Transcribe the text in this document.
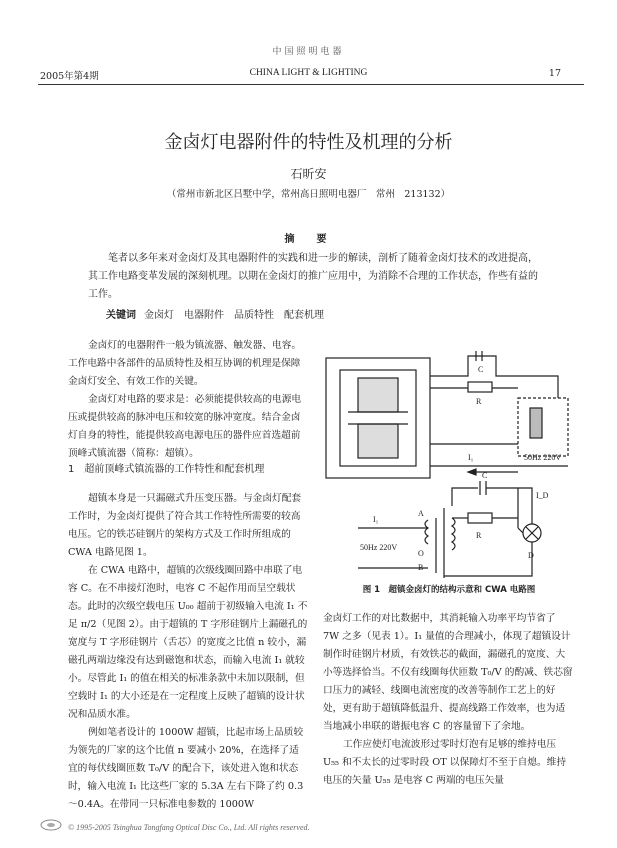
中国照明电器
2005年第4期	CHINA LIGHT & LIGHTING	17
金卤灯电器附件的特性及机理的分析
石昕安
（常州市新北区吕墅中学，常州高日照明电器厂　常州　213132）
摘　要
笔者以多年来对金卤灯及其电器附件的实践和进一步的解读，剖析了随着金卤灯技术的改进提高，其工作电路变革发展的深刻机理。以期在金卤灯的推广应用中，为消除不合理的工作状态，作些有益的工作。
关键词 金卤灯　电器附件　品质特性　配套机理

金卤灯的电器附件一般为镇流器、触发器、电容。工作电路中各部件的品质特性及相互协调的机理是保障金卤灯安全、有效工作的关键。

金卤灯对电路的要求是：必须能提供较高的电源电压或提供较高的脉冲电压和较宽的脉冲宽度。结合金卤灯自身的特性，能提供较高电源电压的器件应首选超前顶峰式镇流器（简称：超镇）。

1　超前顶峰式镇流器的工作特性和配套机理

超镇本身是一只漏磁式升压变压器。与金卤灯配套工作时，为金卤灯提供了符合其工作特性所需要的较高电压。它的铁芯硅钢片的架构方式及工作时所组成的 CWA 电路见图 1。

在 CWA 电路中，超镇的次级线圈回路中串联了电容 C。在不串接灯泡时，电容 C 不起作用而呈空载状态。此时的次级空载电压 U₀₀ 超前于初级输入电流 I₁ 不足 π/2（见图 2）。由于超镇的 T 字形硅钢片上漏磁孔的宽度与 T 字形硅钢片（舌芯）的宽度之比值 n 较小，漏磁孔两端边缘没有达到磁饱和状态，而输入电流 I₁ 就较小。尽管此 I₁ 的值在相关的标准条款中未加以限制，但空载时 I₁ 的大小还是在一定程度上反映了超镇的设计状况和品质水准。

例如笔者设计的 1000W 超镇，比起市场上品质较为领先的厂家的这个比值 n 要减小 20%，在选择了适宜的每伏线圈匝数 T₀/V 的配合下，该处进入饱和状态时，输入电流 I₁ 比这些厂家的 5.3A 左右下降了约 0.3～0.4A。在带同一只标准电参数的 1000W

C
R
50Hz 220V
I₁
C
R
I₁
I_D
D
A
O
B
50Hz 220V
图 1　超镇金卤灯的结构示意和 CWA 电路图

金卤灯工作的对比数据中，其消耗输入功率平均节省了 7W 之多（见表 1）。I₁ 量值的合理减小，体现了超镇设计制作时硅钢片材质，有效铁芯的截面，漏磁孔的宽度、大小等选择恰当。不仅有线圈每伏匝数 T₀/V 的酌减、铁芯窗口压力的减轻、线圈电流密度的改善等制作工艺上的好处，更有助于超镇降低温升、提高线路工作效率，也为适当地减小串联的谐振电容 C 的容量留下了余地。

工作应使灯电流波形过零时灯泡有足够的维持电压 U₅₅ 和不太长的过零时段 OT 以保障灯不至于自熄。维持电压的矢量 U₅₅ 是电容 C 两端的电压矢量

© 1995-2005 Tsinghua Tongfang Optical Disc Co., Ltd. All rights reserved.
